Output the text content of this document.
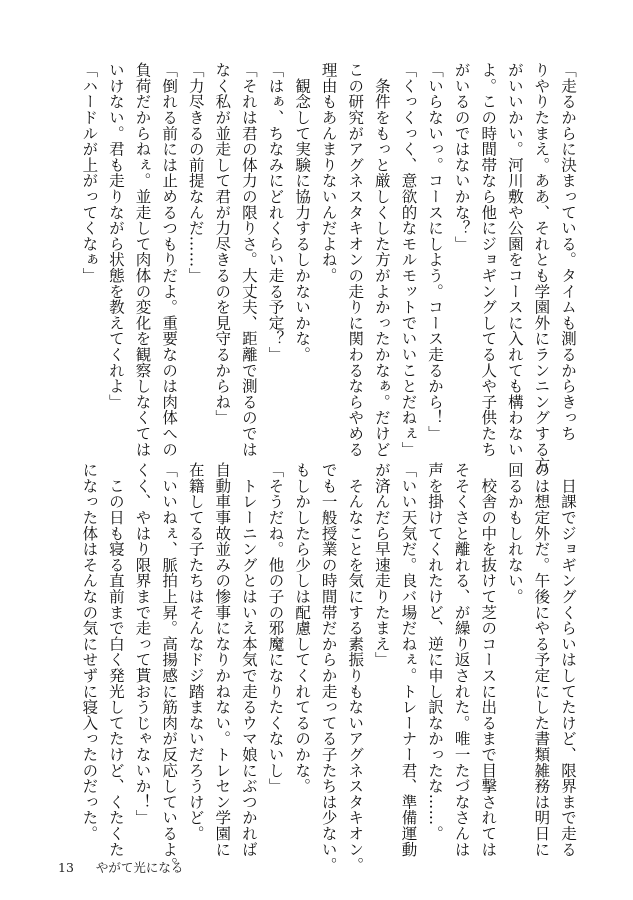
「走るからに決まっている。タイムも測るからきっち
りやりたまえ。ああ、それとも学園外にランニングする方
がいいかい。河川敷や公園をコースに入れても構わない
よ。この時間帯なら他にジョギングしてる人や子供たち
がいるのではないかな？」
「いらないっ。コースにしよう。コース走るから！」
「くっくっく、意欲的なモルモットでいいことだねぇ」
　条件をもっと厳しくした方がよかったかなぁ。だけど
この研究がアグネスタキオンの走りに関わるならやめる
理由もあんまりないんだよね。
　観念して実験に協力するしかないかな。
「はぁ、ちなみにどれくらい走る予定？」
「それは君の体力の限りさ。大丈夫、距離で測るのでは
なく私が並走して君が力尽きるのを見守るからね」
「力尽きるの前提なんだ……」
「倒れる前には止めるつもりだよ。重要なのは肉体への
負荷だからねぇ。並走して肉体の変化を観察しなくては
いけない。君も走りながら状態を教えてくれよ」
「ハードルが上がってくなぁ」
　日課でジョギングくらいはしてたけど、限界まで走る
のは想定外だ。午後にやる予定にした書類雑務は明日に
回るかもしれない。
　校舎の中を抜けて芝のコースに出るまで目撃されては
そそくさと離れる、が繰り返された。唯一たづなさんは
声を掛けてくれたけど、逆に申し訳なかったな……。
「いい天気だ。良バ場だねぇ。トレーナー君、準備運動
が済んだら早速走りたまえ」
　そんなことを気にする素振りもないアグネスタキオン。
でも一般授業の時間帯だからか走ってる子たちは少ない。
もしかしたら少しは配慮してくれてるのかな。
「そうだね。他の子の邪魔になりたくないし」
　トレーニングとはいえ本気で走るウマ娘にぶつかれば
自動車事故並みの惨事になりかねない。トレセン学園に
在籍してる子たちはそんなドジ踏まないだろうけど。
「いいねぇ、脈拍上昇。高揚感に筋肉が反応しているよ。
くく、やはり限界まで走って貰おうじゃないか！」
　この日も寝る直前まで白く発光してたけど、くたくた
になった体はそんなの気にせずに寝入ったのだった。
13 やがて光になる
